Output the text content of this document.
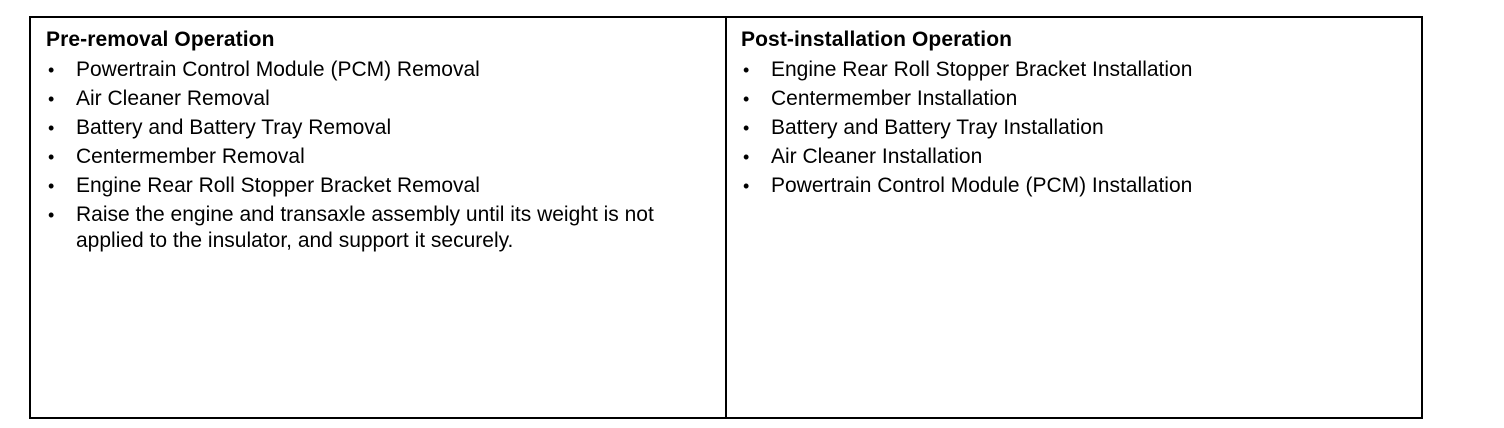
Pre-removal Operation
• Powertrain Control Module (PCM) Removal
• Air Cleaner Removal
• Battery and Battery Tray Removal
• Centermember Removal
• Engine Rear Roll Stopper Bracket Removal
• Raise the engine and transaxle assembly until its weight is not applied to the insulator, and support it securely.
Post-installation Operation
• Engine Rear Roll Stopper Bracket Installation
• Centermember Installation
• Battery and Battery Tray Installation
• Air Cleaner Installation
• Powertrain Control Module (PCM) Installation
